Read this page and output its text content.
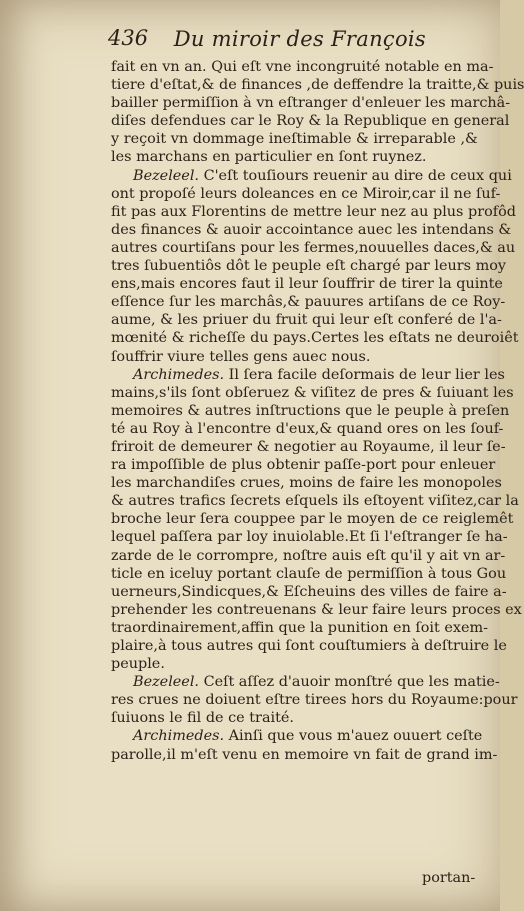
436 Du miroir des François
fait en vn an. Qui eſt vne incongruité notable en ma-
tiere d'eſtat,& de finances ,de deffendre la traitte,& puis
bailler permiſſion à vn eſtranger d'enleuer les marchâ-
diſes defendues car le Roy & la Republique en general
y reçoit vn dommage ineſtimable & irreparable ,&
les marchans en particulier en ſont ruynez.
Bezeleel. C'eſt touſiours reuenir au dire de ceux qui
ont propoſé leurs doleances en ce Miroir,car il ne ſuf-
fit pas aux Florentins de mettre leur nez au plus profôd
des finances & auoir accointance auec les intendans &
autres courtiſans pour les fermes,nouuelles daces,& au
tres ſubuentiôs dôt le peuple eſt chargé par leurs moy
ens,mais encores faut il leur ſouffrir de tirer la quinte
eſſence ſur les marchâs,& pauures artiſans de ce Roy-
aume, & les priuer du fruit qui leur eſt conferé de l'a-
mœnité & richeſſe du pays.Certes les eſtats ne deuroiêt
ſouffrir viure telles gens auec nous.
Archimedes. Il ſera facile deſormais de leur lier les
mains,s'ils ſont obſeruez & viſitez de pres & ſuiuant les
memoires & autres inſtructions que le peuple à preſen
té au Roy à l'encontre d'eux,& quand ores on les ſouf-
friroit de demeurer & negotier au Royaume, il leur ſe-
ra impoſſible de plus obtenir paſſe-port pour enleuer
les marchandiſes crues, moins de faire les monopoles
& autres trafics ſecrets eſquels ils eſtoyent viſitez,car la
broche leur ſera couppee par le moyen de ce reiglemêt
lequel paſſera par loy inuiolable.Et ſi l'eſtranger ſe ha-
zarde de le corrompre, noſtre auis eſt qu'il y ait vn ar-
ticle en iceluy portant clauſe de permiſſion à tous Gou
uerneurs,Sindicques,& Eſcheuins des villes de faire a-
prehender les contreuenans & leur faire leurs proces ex
traordinairement,affin que la punition en ſoit exem-
plaire,à tous autres qui ſont couſtumiers à deſtruire le
peuple.
Bezeleel. Ceſt aſſez d'auoir monſtré que les matie-
res crues ne doiuent eſtre tirees hors du Royaume:pour
ſuiuons le fil de ce traité.
Archimedes. Ainſi que vous m'auez ouuert ceſte
parolle,il m'eſt venu en memoire vn fait de grand im-
portan-
